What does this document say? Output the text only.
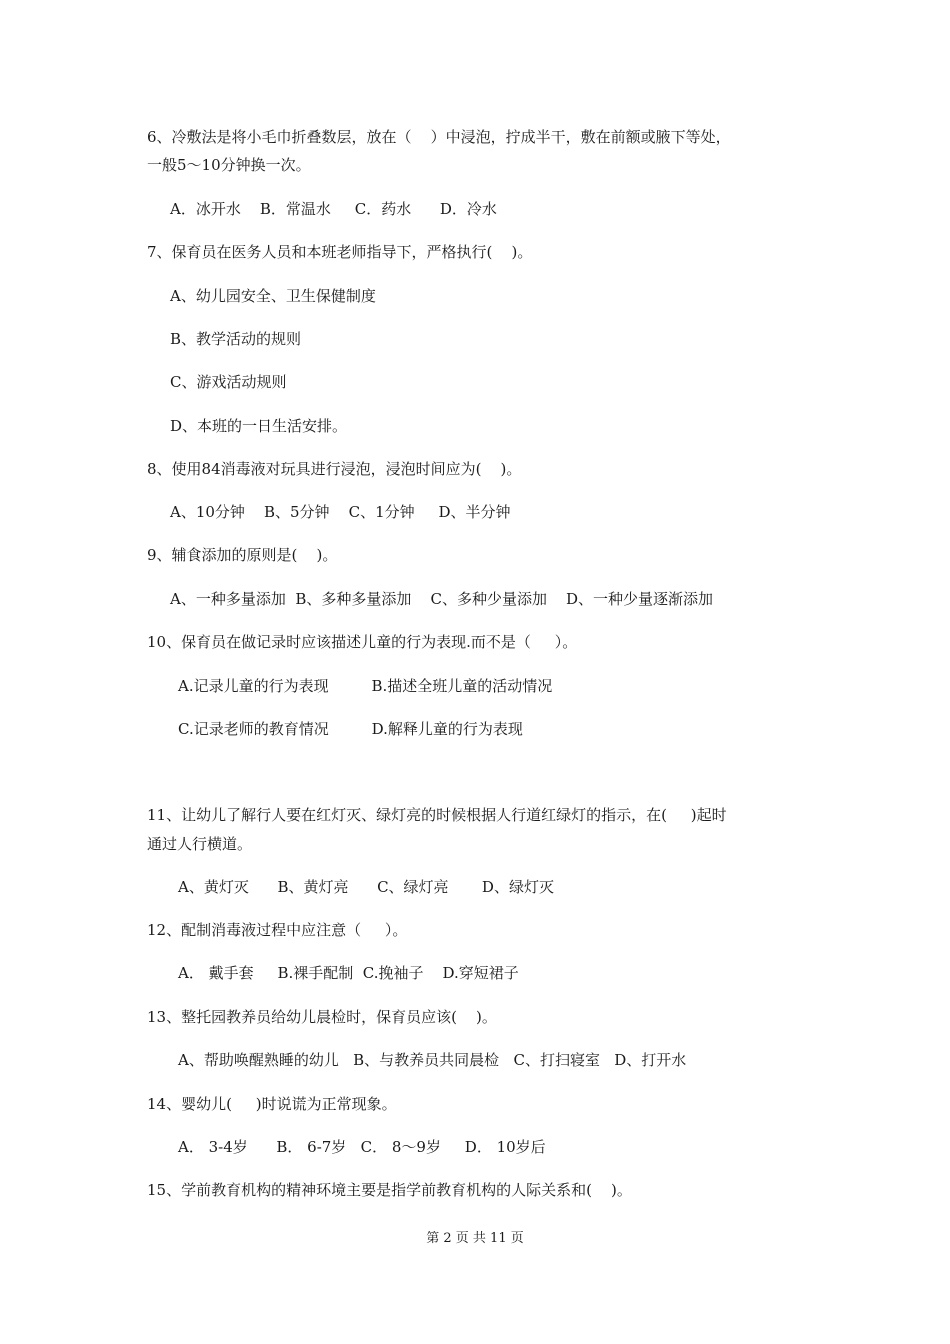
6、冷敷法是将小毛巾折叠数层，放在（    ）中浸泡，拧成半干，敷在前额或腋下等处，
一般5～10分钟换一次。
A．冰开水    B．常温水     C．药水      D．冷水
7、保育员在医务人员和本班老师指导下，严格执行(    )。
A、幼儿园安全、卫生保健制度
B、教学活动的规则
C、游戏活动规则
D、本班的一日生活安排。
8、使用84消毒液对玩具进行浸泡，浸泡时间应为(    )。
A、10分钟    B、5分钟    C、1分钟     D、半分钟
9、辅食添加的原则是(    )。
A、一种多量添加  B、多种多量添加    C、多种少量添加    D、一种少量逐渐添加
10、保育员在做记录时应该描述儿童的行为表现.而不是（     ）。
A.记录儿童的行为表现         B.描述全班儿童的活动情况
C.记录老师的教育情况         D.解释儿童的行为表现
11、让幼儿了解行人要在红灯灭、绿灯亮的时候根据人行道红绿灯的指示，在(     )起时
通过人行横道。
A、黄灯灭      B、黄灯亮      C、绿灯亮       D、绿灯灭
12、配制消毒液过程中应注意（     ）。
A． 戴手套     B.裸手配制  C.挽袖子    D.穿短裙子
13、整托园教养员给幼儿晨检时，保育员应该(    )。
A、帮助唤醒熟睡的幼儿   B、与教养员共同晨检   C、打扫寝室   D、打开水
14、婴幼儿(     )时说谎为正常现象。
A． 3-4岁      B． 6-7岁   C． 8～9岁     D． 10岁后
15、学前教育机构的精神环境主要是指学前教育机构的人际关系和(    )。
第 2 页 共 11 页
